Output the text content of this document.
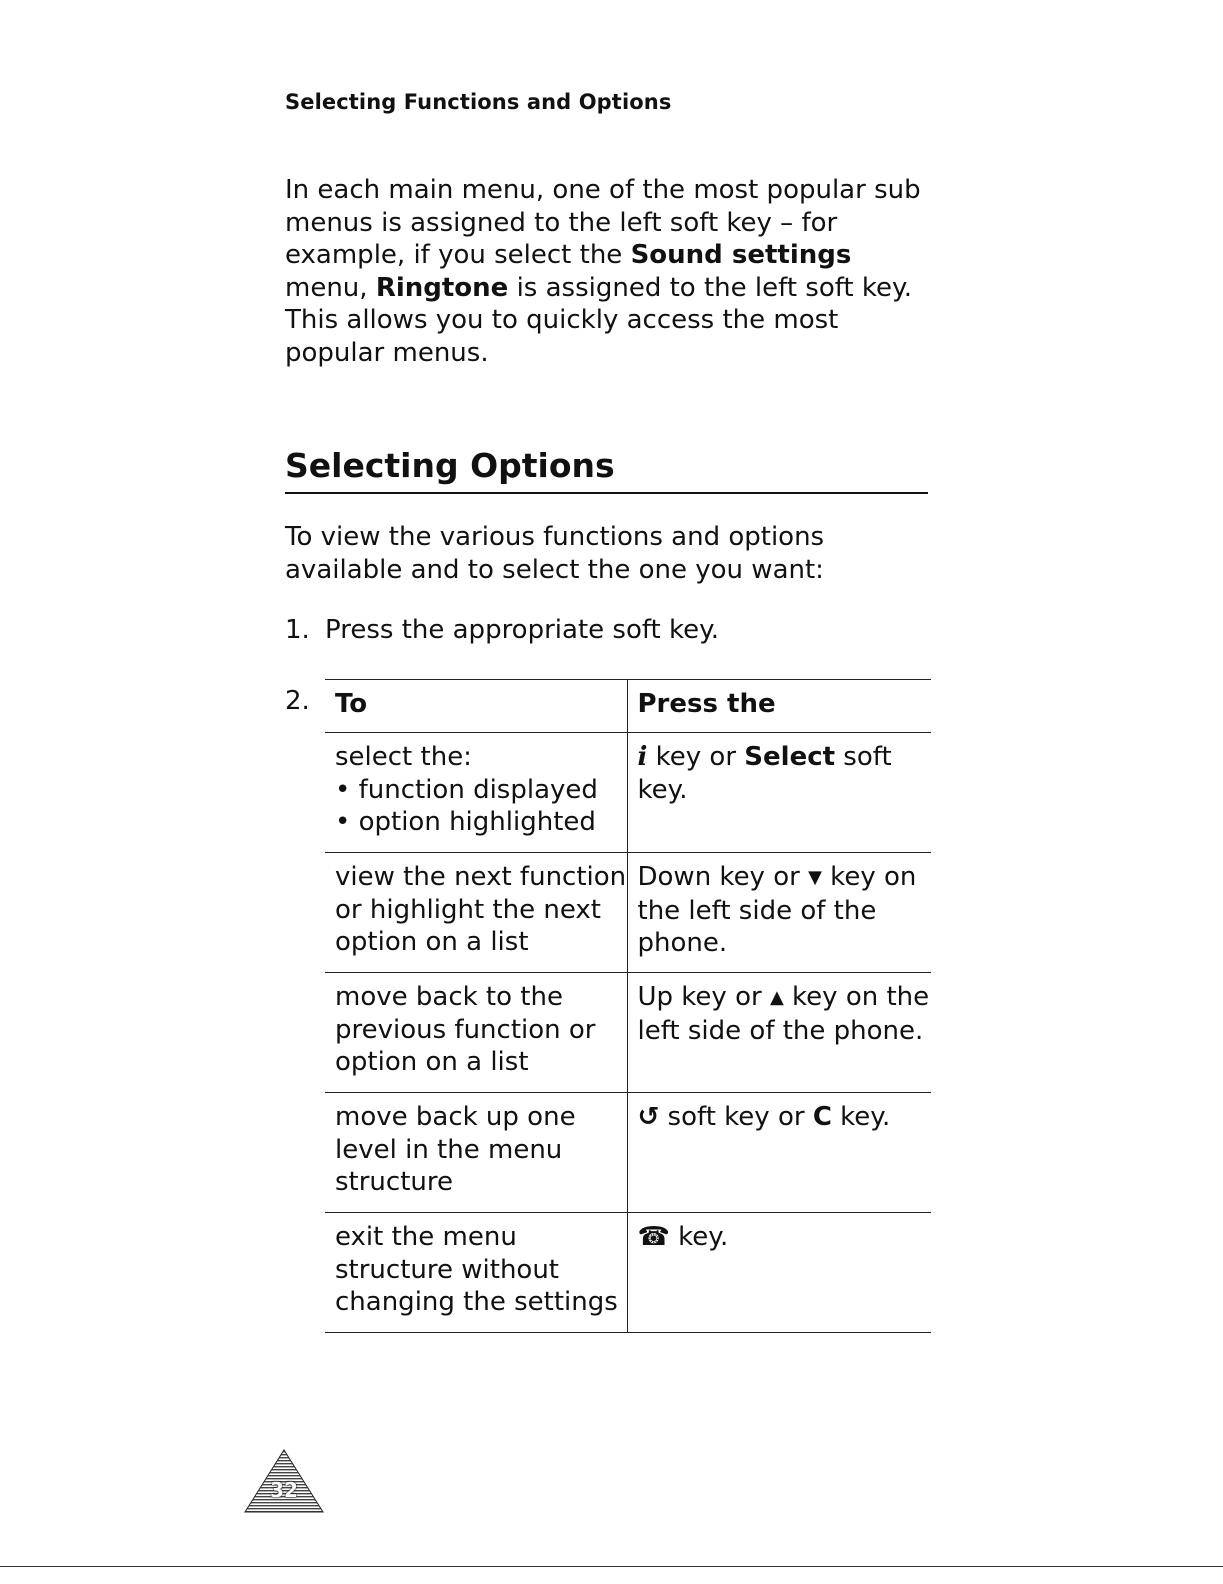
Selecting Functions and Options

In each main menu, one of the most popular sub menus is assigned to the left soft key – for example, if you select the Sound settings menu, Ringtone is assigned to the left soft key. This allows you to quickly access the most popular menus.

Selecting Options

To view the various functions and options available and to select the one you want:

1. Press the appropriate soft key.
2. To	Press the

select the:
• function displayed
• option highlighted	i key or Select soft key.
view the next function or highlight the next option on a list	Down key or ▼ key on the left side of the phone.
move back to the previous function or option on a list	Up key or ▲ key on the left side of the phone.
move back up one level in the menu structure	↺ soft key or C key.
exit the menu structure without changing the settings	☎ key.
32
